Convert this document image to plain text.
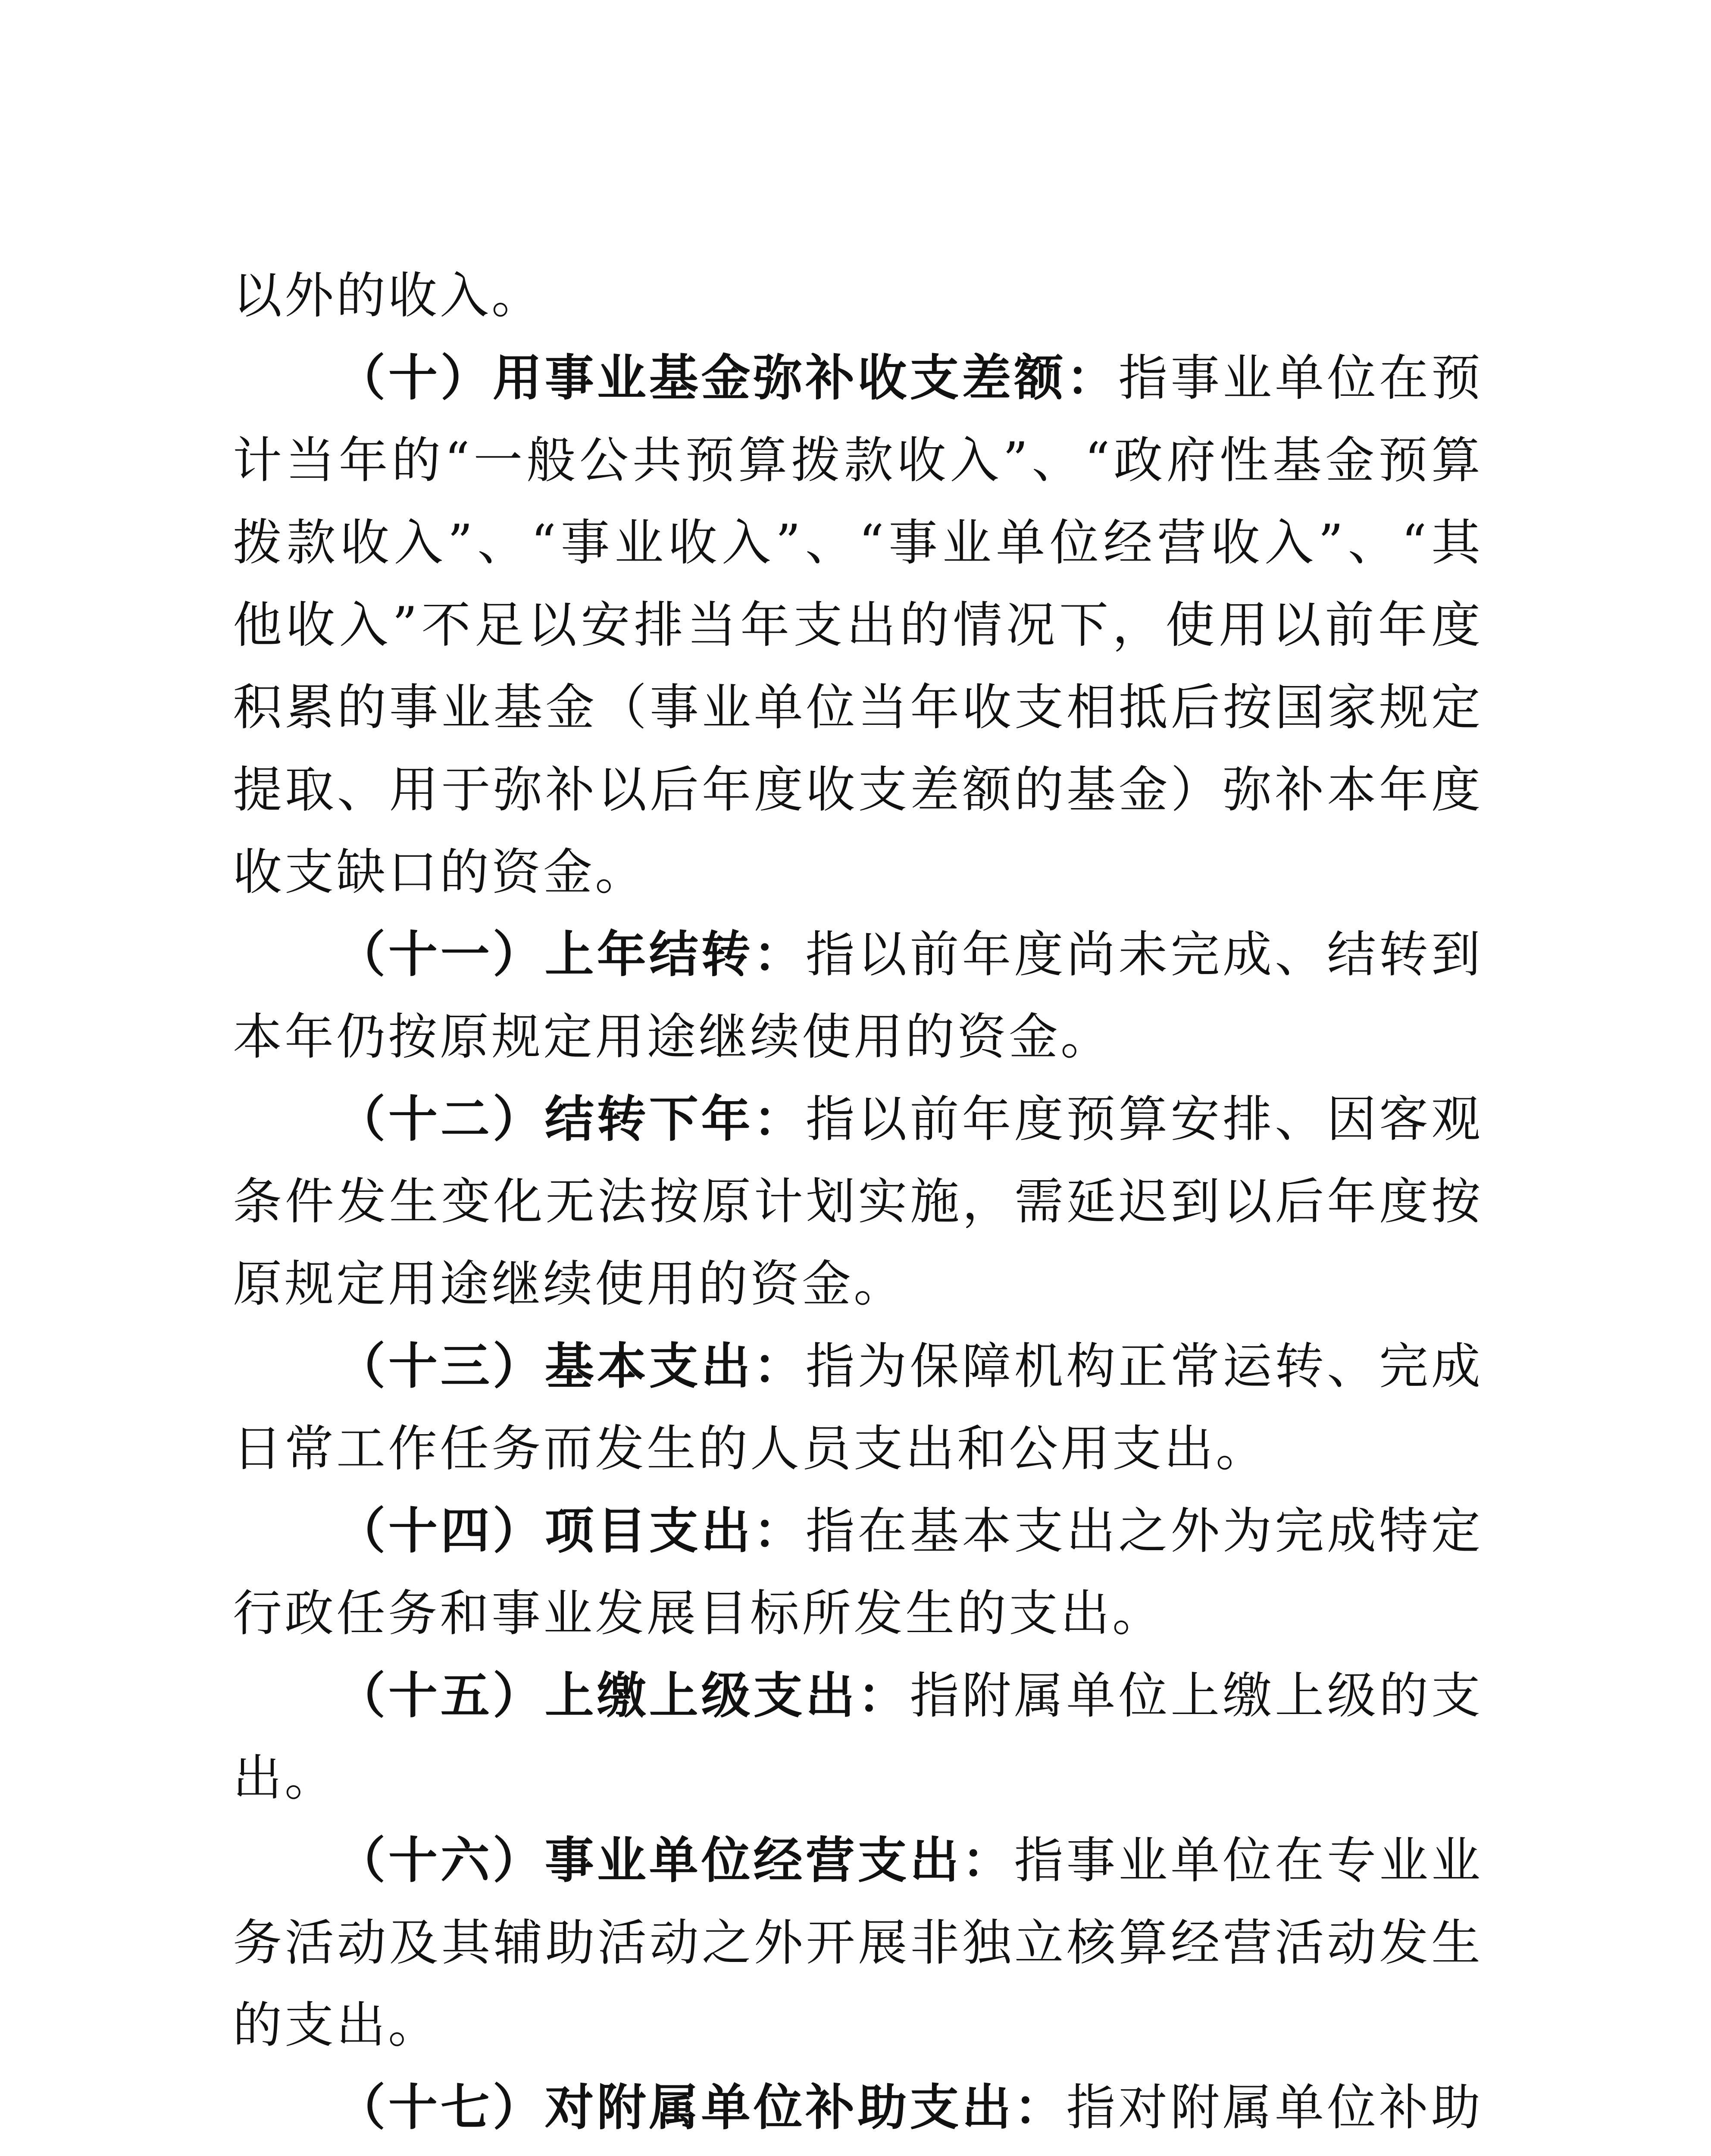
以外的收入。

（十）用事业基金弥补收支差额：指事业单位在预计当年的“一般公共预算拨款收入”、“政府性基金预算拨款收入”、“事业收入”、“事业单位经营收入”、“其他收入”不足以安排当年支出的情况下，使用以前年度积累的事业基金（事业单位当年收支相抵后按国家规定提取、用于弥补以后年度收支差额的基金）弥补本年度收支缺口的资金。

（十一）上年结转：指以前年度尚未完成、结转到本年仍按原规定用途继续使用的资金。

（十二）结转下年：指以前年度预算安排、因客观条件发生变化无法按原计划实施，需延迟到以后年度按原规定用途继续使用的资金。

（十三）基本支出：指为保障机构正常运转、完成日常工作任务而发生的人员支出和公用支出。

（十四）项目支出：指在基本支出之外为完成特定行政任务和事业发展目标所发生的支出。

（十五）上缴上级支出：指附属单位上缴上级的支出。

（十六）事业单位经营支出：指事业单位在专业业务活动及其辅助活动之外开展非独立核算经营活动发生的支出。

（十七）对附属单位补助支出：指对附属单位补助
